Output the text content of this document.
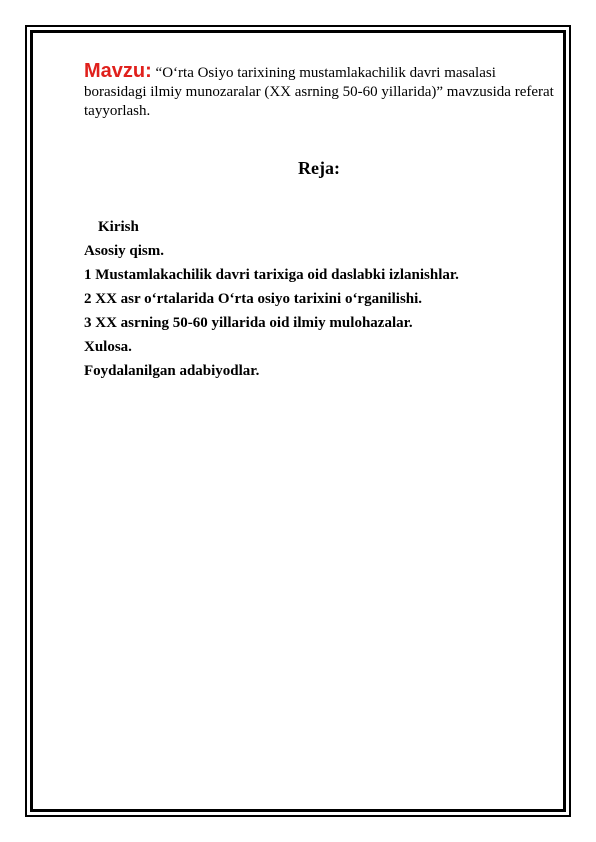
Mavzu: “O‘rta Osiyo tarixining mustamlakachilik davri masalasi borasidagi ilmiy munozaralar (XX asrning 50-60 yillarida)” mavzusida referat tayyorlash.

Reja:
Kirish
Asosiy qism.
1 Mustamlakachilik davri tarixiga oid daslabki izlanishlar.
2 XX asr o‘rtalarida O‘rta osiyo tarixini o‘rganilishi.
3 XX asrning 50-60 yillarida oid ilmiy mulohazalar.
Xulosa.
Foydalanilgan adabiyodlar.
